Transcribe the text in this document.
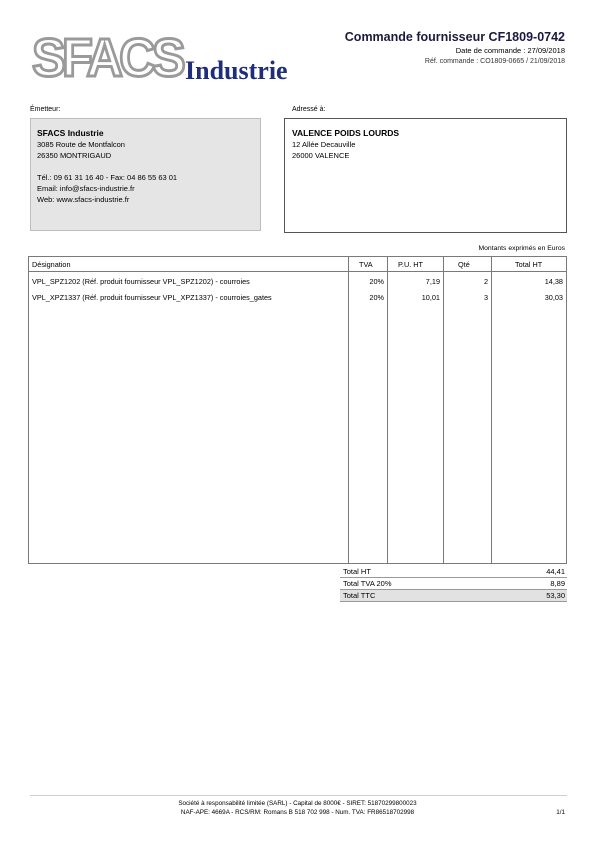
SFACS Industrie
Commande fournisseur CF1809-0742
Date de commande : 27/09/2018
Réf. commande : CO1809-0665 / 21/09/2018
Émetteur:	Adressé à:
SFACS Industrie
3085 Route de Montfalcon
26350 MONTRIGAUD
Tél.: 09 61 31 16 40 - Fax: 04 86 55 63 01
Email: info@sfacs-industrie.fr
Web: www.sfacs-industrie.fr
VALENCE POIDS LOURDS
12 Allée Decauville
26000 VALENCE
Montants exprimés en Euros
Désignation	TVA	P.U. HT	Qté	Total HT
VPL_SPZ1202 (Réf. produit fournisseur VPL_SPZ1202) - courroies	20%	7,19	2	14,38
VPL_XPZ1337 (Réf. produit fournisseur VPL_XPZ1337) - courroies_gates	20%	10,01	3	30,03
Total HT	44,41
Total TVA 20%	8,89
Total TTC	53,30
Société à responsabilité limitée (SARL) - Capital de 8000€ - SIRET: 51870299800023
NAF-APE: 4669A - RCS/RM: Romans B 518 702 998 - Num. TVA: FR86518702998	1/1
